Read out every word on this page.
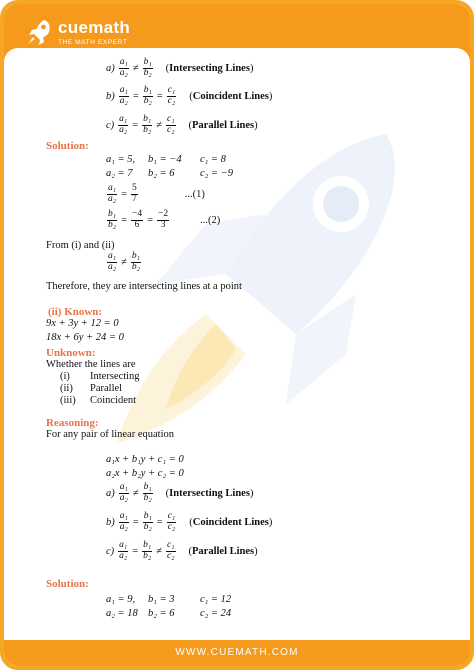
cuemath
THE MATH EXPERT
$a) \frac{\text{a₁}}{\text{a₂}} \ne \frac{\text{b₁}}{\text{b₂}}$ (Intersecting Lines)
$b) \frac{\text{a₁}}{\text{a₂}} = \frac{\text{b₁}}{\text{b₂}} = \frac{\text{c₁}}{\text{c₂}}$ (Coincident Lines)
$c) \frac{\text{a₁}}{\text{a₂}} = \frac{\text{b₁}}{\text{b₂}} \ne \frac{\text{c₁}}{\text{c₂}}$ (Parallel Lines)
Solution:
a₁ = 5,	b₁ = −4	c₁ = 8
a₂ = 7	b₂ = 6	c₂ = −9
$\frac{\text{a₁}}{\text{a₂}} = \frac{5}{7}$	...(1)
$\frac{\text{b₁}}{\text{b₂}} = \frac{-4}{6} = \frac{-2}{3}$	...(2)
From (i) and (ii)
$\frac{\text{a₁}}{\text{a₂}} \ne \frac{\text{b₁}}{\text{b₂}}$
Therefore, they are intersecting lines at a point
(ii) Known:
9x + 3y + 12 = 0
18x + 6y + 24 = 0
Unknown:
Whether the lines are
(i) Intersecting
(ii) Parallel
(iii) Coincident
Reasoning:
For any pair of linear equation
a₁x + b₁y + c₁ = 0
a₂x + b₂y + c₂ = 0
$a) \frac{\text{a₁}}{\text{a₂}} \ne \frac{\text{b₁}}{\text{b₂}}$ (Intersecting Lines)
$b) \frac{\text{a₁}}{\text{a₂}} = \frac{\text{b₁}}{\text{b₂}} = \frac{\text{c₁}}{\text{c₂}}$ (Coincident Lines)
$c) \frac{\text{a₁}}{\text{a₂}} = \frac{\text{b₁}}{\text{b₂}} \ne \frac{\text{c₁}}{\text{c₂}}$ (Parallel Lines)
Solution:
a₁ = 9,	b₁ = 3	c₁ = 12
a₂ = 18 b₂ = 6	c₂ = 24
WWW.CUEMATH.COM
